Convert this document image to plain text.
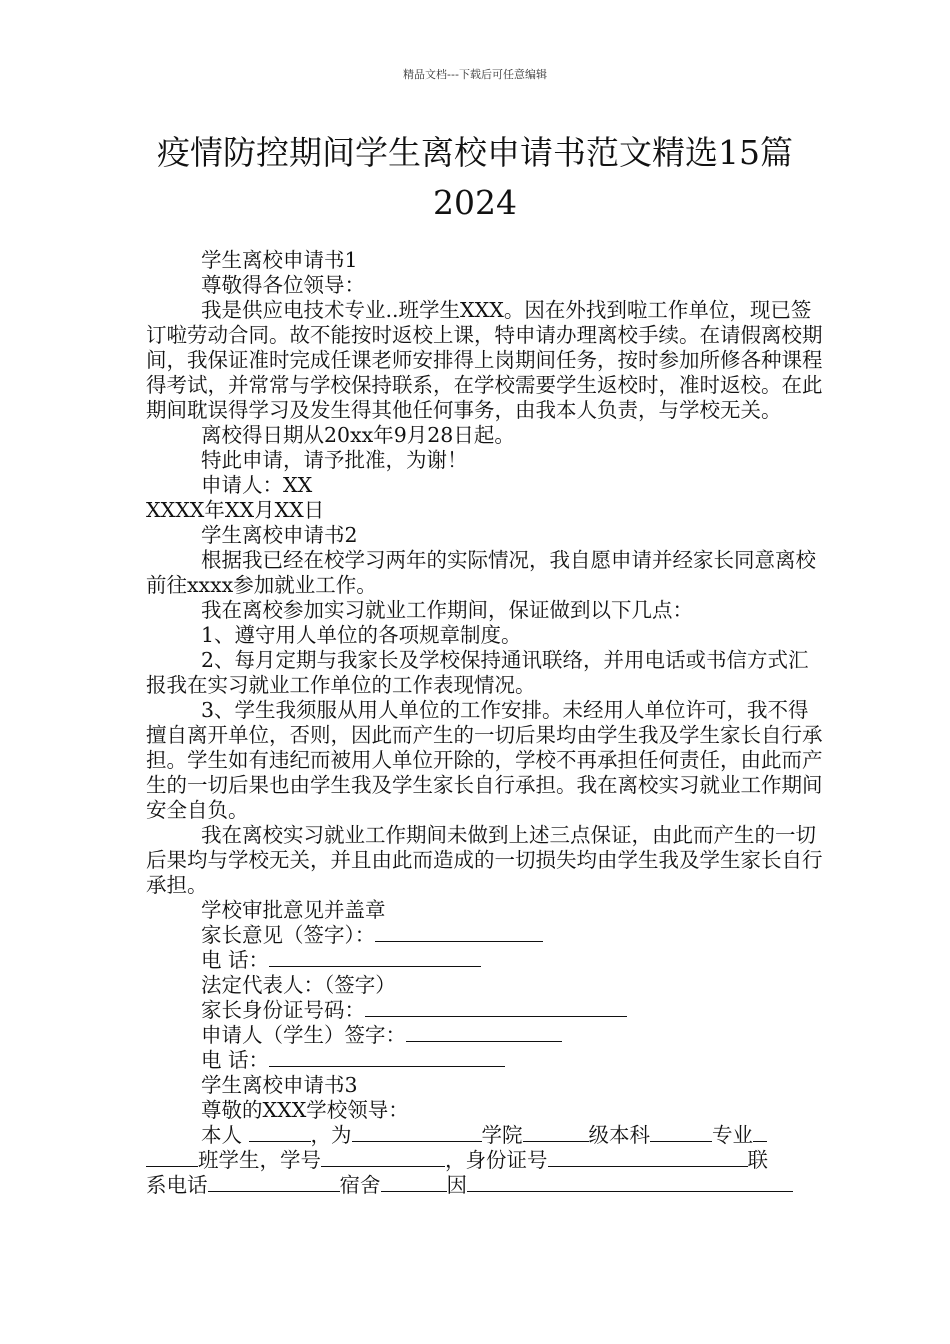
精品文档---下载后可任意编辑
疫情防控期间学生离校申请书范文精选15篇2024

学生离校申请书1

尊敬得各位领导：

我是供应电技术专业..班学生XXX。因在外找到啦工作单位，现已签订啦劳动合同。故不能按时返校上课，特申请办理离校手续。在请假离校期间，我保证准时完成任课老师安排得上岗期间任务，按时参加所修各种课程得考试，并常常与学校保持联系，在学校需要学生返校时，准时返校。在此期间耽误得学习及发生得其他任何事务，由我本人负责，与学校无关。

离校得日期从20xx年9月28日起。

特此申请，请予批准，为谢！

申请人：XX

XXXX年XX月XX日

学生离校申请书2

根据我已经在校学习两年的实际情况，我自愿申请并经家长同意离校前往xxxx参加就业工作。

我在离校参加实习就业工作期间，保证做到以下几点：

1、遵守用人单位的各项规章制度。

2、每月定期与我家长及学校保持通讯联络，并用电话或书信方式汇报我在实习就业工作单位的工作表现情况。

3、学生我须服从用人单位的工作安排。未经用人单位许可，我不得擅自离开单位，否则，因此而产生的一切后果均由学生我及学生家长自行承担。学生如有违纪而被用人单位开除的，学校不再承担任何责任，由此而产生的一切后果也由学生我及学生家长自行承担。我在离校实习就业工作期间安全自负。

我在离校实习就业工作期间未做到上述三点保证，由此而产生的一切后果均与学校无关，并且由此而造成的一切损失均由学生我及学生家长自行承担。

学校审批意见并盖章

家长意见（签字）：

电 话：

法定代表人：（签字）

家长身份证号码：

申请人（学生）签字：

电 话：

学生离校申请书3

尊敬的XXX学校领导：

本人	，为	学院	级本科	专业

班学生，学号	，身份证号	联

系电话	宿舍	因
